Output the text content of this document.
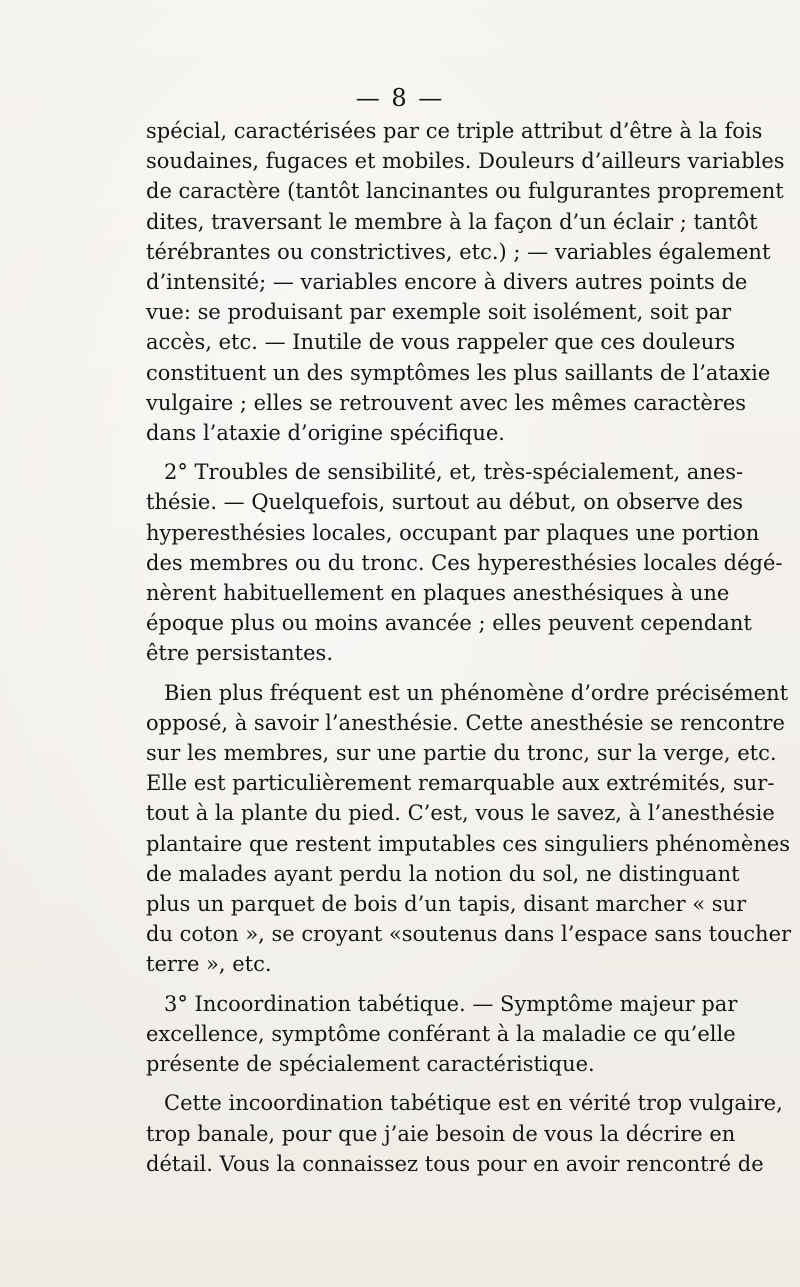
— 8 —
spécial, caractérisées par ce triple attribut d’être à la fois
soudaines, fugaces et mobiles. Douleurs d’ailleurs variables
de caractère (tantôt lancinantes ou fulgurantes proprement
dites, traversant le membre à la façon d’un éclair ; tantôt
térébrantes ou constrictives, etc.) ; — variables également
d’intensité; — variables encore à divers autres points de
vue: se produisant par exemple soit isolément, soit par
accès, etc. — Inutile de vous rappeler que ces douleurs
constituent un des symptômes les plus saillants de l’ataxie
vulgaire ; elles se retrouvent avec les mêmes caractères
dans l’ataxie d’origine spécifique.
2° Troubles de sensibilité, et, très-spécialement, anes-
thésie. — Quelquefois, surtout au début, on observe des
hyperesthésies locales, occupant par plaques une portion
des membres ou du tronc. Ces hyperesthésies locales dégé-
nèrent habituellement en plaques anesthésiques à une
époque plus ou moins avancée ; elles peuvent cependant
être persistantes.
Bien plus fréquent est un phénomène d’ordre précisément
opposé, à savoir l’anesthésie. Cette anesthésie se rencontre
sur les membres, sur une partie du tronc, sur la verge, etc.
Elle est particulièrement remarquable aux extrémités, sur-
tout à la plante du pied. C’est, vous le savez, à l’anesthésie
plantaire que restent imputables ces singuliers phénomènes
de malades ayant perdu la notion du sol, ne distinguant
plus un parquet de bois d’un tapis, disant marcher « sur
du coton », se croyant «soutenus dans l’espace sans toucher
terre », etc.
3° Incoordination tabétique. — Symptôme majeur par
excellence, symptôme conférant à la maladie ce qu’elle
présente de spécialement caractéristique.
Cette incoordination tabétique est en vérité trop vulgaire,
trop banale, pour que j’aie besoin de vous la décrire en
détail. Vous la connaissez tous pour en avoir rencontré de
